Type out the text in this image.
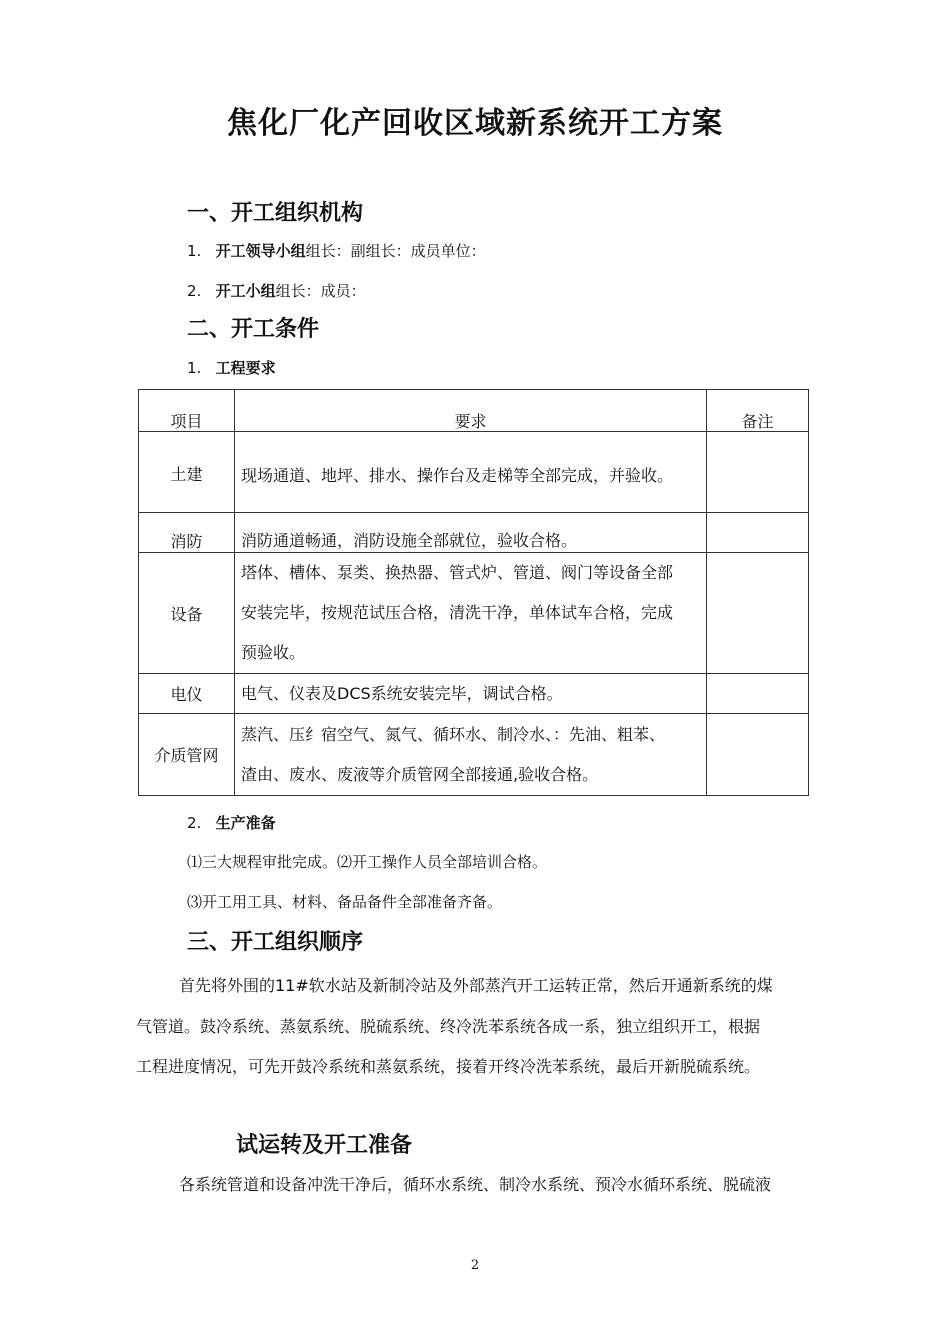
焦化厂化产回收区域新系统开工方案
一、开工组织机构
1. 开工领导小组组长：副组长：成员单位：
2. 开工小组组长：成员：
二、开工条件
1. 工程要求
项目	要求	备注
土建	现场通道、地坪、排水、操作台及走梯等全部完成，并验收。	

消防	消防通道畅通，消防设施全部就位，验收合格。	

设备	塔体、槽体、泵类、换热器、管式炉、管道、阀门等设备全部
安装完毕，按规范试压合格，清洗干净，单体试车合格，完成
预验收。	

电仪	电气、仪表及DCS系统安装完毕，调试合格。	

介质管网	蒸汽、压纟宿空气、氮气、循环水、制冷水、：先油、粗苯、
渣由、废水、废液等介质管网全部接通,验收合格。	

2. 生产准备
⑴三大规程审批完成。⑵开工操作人员全部培训合格。
⑶开工用工具、材料、备品备件全部准备齐备。
三、开工组织顺序
首先将外围的11#软水站及新制冷站及外部蒸汽开工运转正常，然后开通新系统的煤
气管道。鼓冷系统、蒸氨系统、脱硫系统、终冷洗苯系统各成一系，独立组织开工，根据
工程进度情况，可先开鼓冷系统和蒸氨系统，接着开终冷洗苯系统，最后开新脱硫系统。
试运转及开工准备
各系统管道和设备冲洗干净后，循环水系统、制冷水系统、预冷水循环系统、脱硫液
2
